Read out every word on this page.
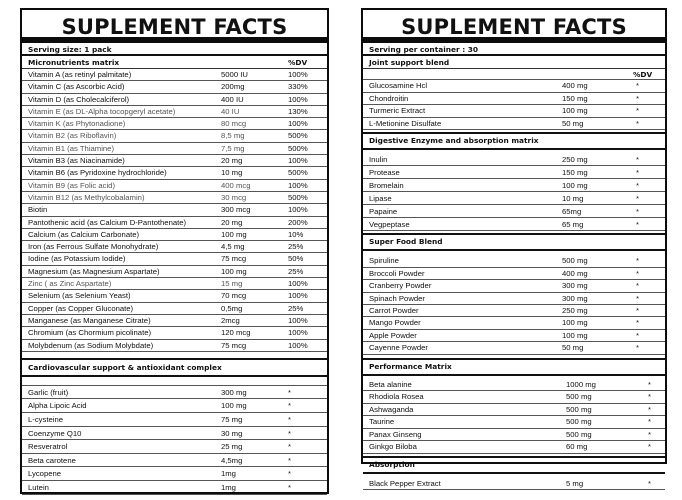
SUPLEMENT FACTS
Serving size: 1 pack
Micronutrients matrix	%DV
Vitamin A (as retinyl palmitate)	5000 IU	100%
Vitamin C (as Ascorbic Acid)	200mg	330%
Vitamin D (as Cholecalciferol)	400 IU	100%
Vitamin E (as DL-Alpha tocopgeryl acetate)	40 IU	130%
Vitamin K (as Phytonadione)	80 mcg	100%
Vitamin B2 (as Riboflavin)	8,5 mg	500%
Vitamin B1 (as Thiamine)	7,5 mg	500%
Vitamin B3 (as Niacinamide)	20 mg	100%
Vitamin B6 (as Pyridoxine hydrochloride)	10 mg	500%
Vitamin B9 (as Folic acid)	400 mcg	100%
Vitamin B12 (as Methylcobalamin)	30 mcg	500%
Biotin	300 mcg	100%
Pantothenic acid (as Calcium D-Pantothenate)	20 mg	200%
Calcium (as Calcium Carbonate)	100 mg	10%
Iron (as Ferrous Sulfate Monohydrate)	4,5 mg	25%
Iodine (as Potassium Iodide)	75 mcg	50%
Magnesium (as Magnesium Aspartate)	100 mg	25%
Zinc ( as Zinc Aspartate)	15 mg	100%
Selenium (as Selenium Yeast)	70 mcg	100%
Copper (as Copper Gluconate)	0,5mg	25%
Manganese (as Manganese Citrate)	2mcg	100%
Chromium (as Chormium picolinate)	120 mcg	100%
Molybdenum (as Sodium Molybdate)	75 mcg	100%
Cardiovascular support & antioxidant complex
Garlic (fruit)	300 mg	*
Alpha Lipoic Acid	100 mg	*
L-cysteine	75 mg	*
Coenzyme Q10	30 mg	*
Resveratrol	25 mg	*
Beta carotene	4,5mg	*
Lycopene	1mg	*
Lutein	1mg	*
SUPLEMENT FACTS
Serving per container : 30
Joint support blend
%DV
Glucosamine Hcl	400 mg	*
Chondroitin	150 mg	*
Turmeric Extract	100 mg	*
L-Metionine Disulfate	50 mg	*
Digestive Enzyme and absorption matrix
Inulin	250 mg	*
Protease	150 mg	*
Bromelain	100 mg	*
Lipase	10 mg	*
Papaine	65mg	*
Vegpeptase	65 mg	*
Super Food Blend
Spiruline	500 mg	*
Broccoli Powder	400 mg	*
Cranberry Powder	300 mg	*
Spinach Powder	300 mg	*
Carrot Powder	250 mg	*
Mango Powder	100 mg	*
Apple Powder	100 mg	*
Cayenne Powder	50 mg	*
Performance Matrix
Beta alanine	1000 mg	*
Rhodiola Rosea	500 mg	*
Ashwaganda	500 mg	*
Taurine	500 mg	*
Panax Ginseng	500 mg	*
Ginkgo Biloba	60 mg	*
Absorption
Black Pepper Extract	5 mg	*
